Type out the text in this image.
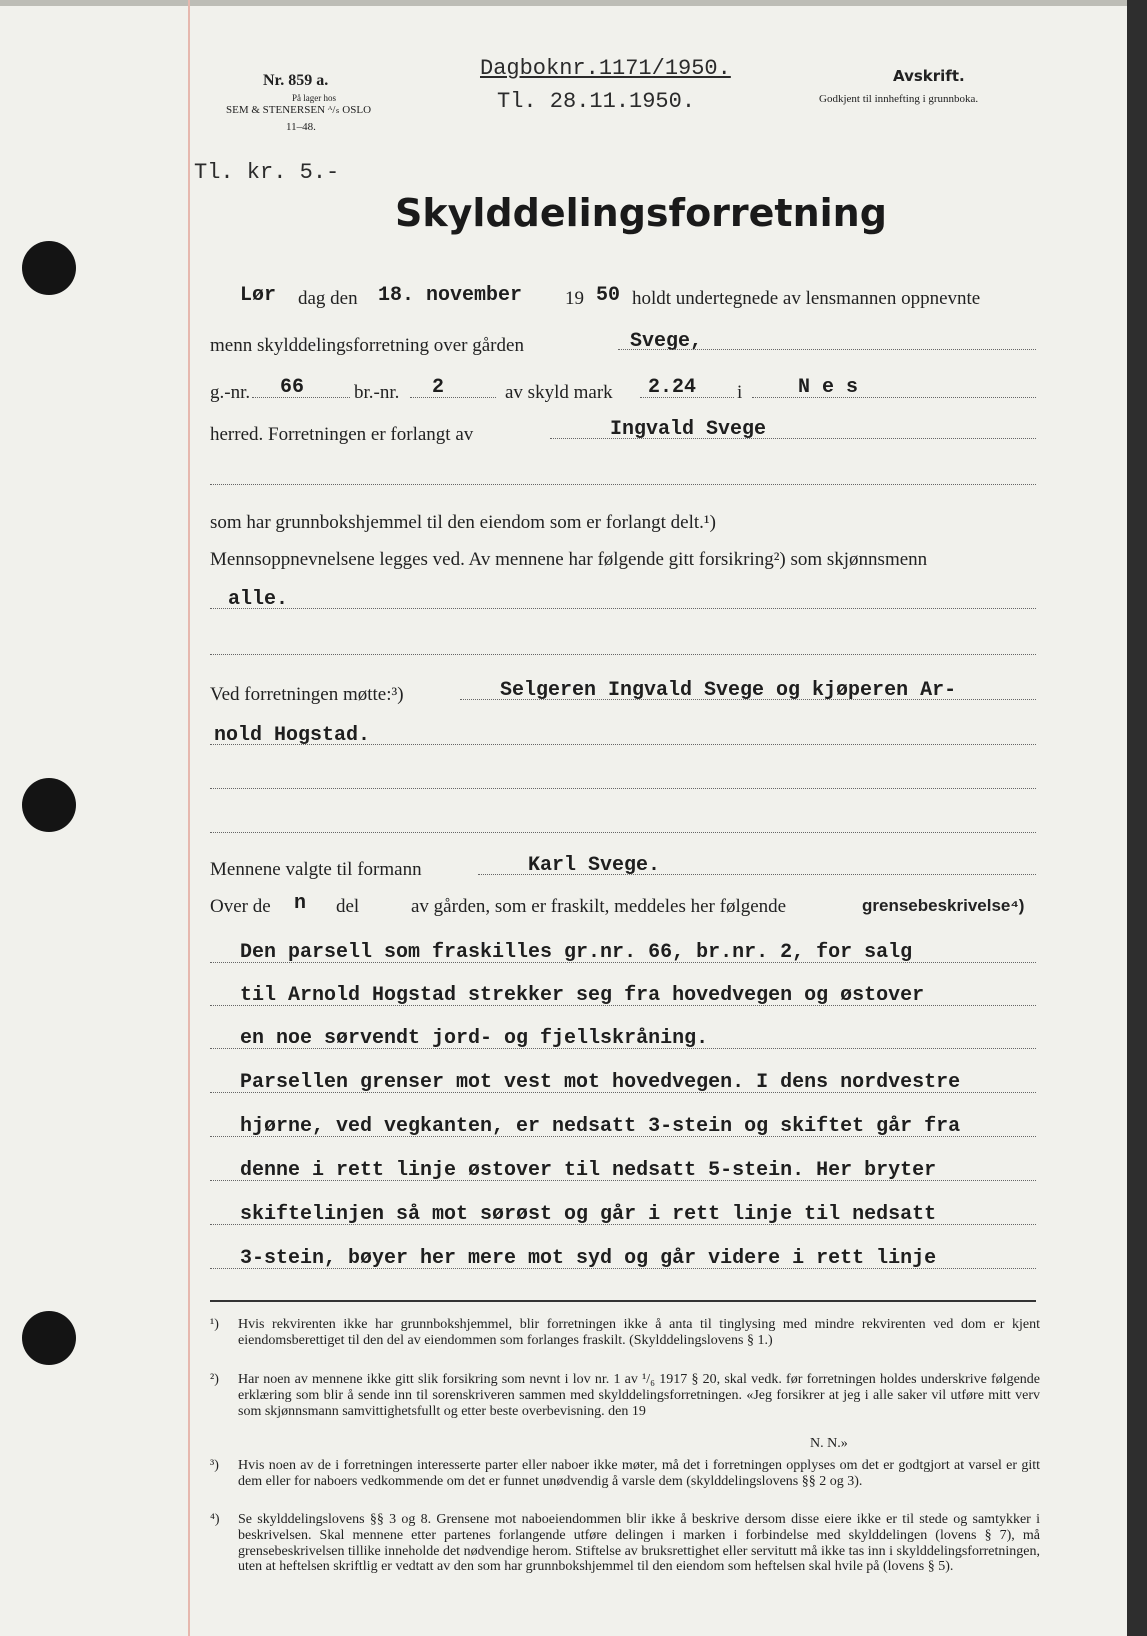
Nr. 859 a.
På lager hos
SEM & STENERSEN ᴬ/ₛ OSLO
11–48.
Dagboknr.1171/1950.
Tl. 28.11.1950.
Avskrift.
Godkjent til innhefting i grunnboka.
Tl. kr. 5.-
Skylddelingsforretning
Lør dag den 18. november 19 50 holdt undertegnede av lensmannen oppnevnte
menn skylddelingsforretning over gården	Svege,
g.-nr. 66	br.-nr. 2	av skyld mark 2.24 i	N e s
herred. Forretningen er forlangt av	Ingvald Svege
som har grunnbokshjemmel til den eiendom som er forlangt delt.¹)
Mennsoppnevnelsene legges ved. Av mennene har følgende gitt forsikring²) som skjønnsmenn
alle.
Ved forretningen møtte:³)	Selgeren Ingvald Svege og kjøperen Ar-
nold Hogstad.
Mennene valgte til formann	Karl Svege.
Over de n del	av gården, som er fraskilt, meddeles her følgende	grensebeskrivelse⁴)
Den parsell som fraskilles gr.nr. 66, br.nr. 2, for salg
til Arnold Hogstad strekker seg fra hovedvegen og østover
en noe sørvendt jord- og fjellskråning.
Parsellen grenser mot vest mot hovedvegen. I dens nordvestre
hjørne, ved vegkanten, er nedsatt 3-stein og skiftet går fra
denne i rett linje østover til nedsatt 5-stein. Her bryter
skiftelinjen så mot sørøst og går i rett linje til nedsatt
3-stein, bøyer her mere mot syd og går videre i rett linje
¹) Hvis rekvirenten ikke har grunnbokshjemmel, blir forretningen ikke å anta til tinglysing med mindre rekvirenten ved dom er kjent eiendomsberettiget til den del av eiendommen som forlanges fraskilt. (Skylddelingslovens § 1.)
²) Har noen av mennene ikke gitt slik forsikring som nevnt i lov nr. 1 av ¹/₆ 1917 § 20, skal vedk. før forretningen holdes underskrive følgende erklæring som blir å sende inn til sorenskriveren sammen med skylddelingsforretningen. «Jeg forsikrer at jeg i alle saker vil utføre mitt verv som skjønnsmann samvittighetsfullt og etter beste overbevisning. den 19
N. N.»
³) Hvis noen av de i forretningen interesserte parter eller naboer ikke møter, må det i forretningen opplyses om det er godtgjort at varsel er gitt dem eller for naboers vedkommende om det er funnet unødvendig å varsle dem (skylddelingslovens §§ 2 og 3).
⁴) Se skylddelingslovens §§ 3 og 8. Grensene mot naboeiendommen blir ikke å beskrive dersom disse eiere ikke er til stede og samtykker i beskrivelsen. Skal mennene etter partenes forlangende utføre delingen i marken i forbindelse med skylddelingen (lovens § 7), må grensebeskrivelsen tillike inneholde det nødvendige herom. Stiftelse av bruksrettighet eller servitutt må ikke tas inn i skylddelingsforretningen, uten at heftelsen skriftlig er vedtatt av den som har grunnbokshjemmel til den eiendom som heftelsen skal hvile på (lovens § 5).
